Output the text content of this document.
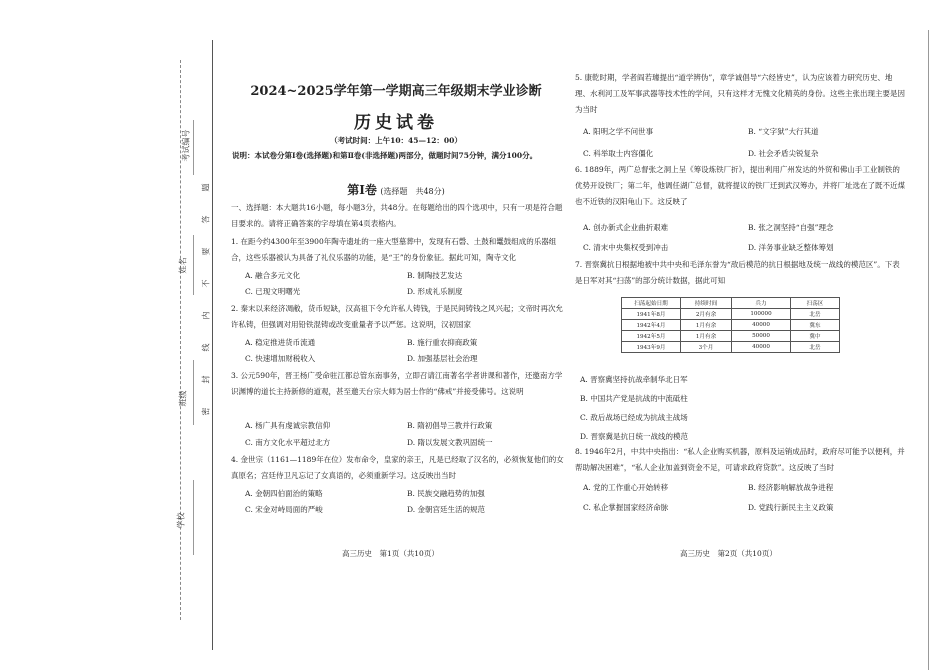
考试编号
姓名
班级
学校
题
答
要
不
内
线
封
密
2024~2025学年第一学期高三年级期末学业诊断
历史试卷
（考试时间：上午10：45—12：00）
说明：本试卷分第Ⅰ卷(选择题)和第Ⅱ卷(非选择题)两部分，做题时间75分钟，满分100分。
第Ⅰ卷 (选择题　共48分)
一、选择题：本大题共16小题，每小题3分，共48分。在每题给出的四个选项中，只有一项是符合题目要求的。请将正确答案的字母填在第4页表格内。
1. 在距今约4300年至3900年陶寺遗址的一座大型墓葬中，发现有石磬、土鼓和鼍鼓组成的乐器组合，这些乐器被认为具备了礼仪乐器的功能，是“王”的身份象征。据此可知，陶寺文化
A. 融合多元文化	B. 制陶技艺发达
C. 已现文明曙光	D. 形成礼乐制度
2. 秦末以来经济凋敝，货币短缺，汉高祖下令允许私人铸钱，于是民间铸钱之风兴起；文帝时再次允许私铸，但强调对用铅铁混铸或改变重量者予以严惩。这说明，汉初国家
A. 稳定推进货币流通	B. 施行重农抑商政策
C. 快速增加财税收入	D. 加强基层社会治理
3. 公元590年，晋王杨广受命驻江都总管东南事务，立即召请江南著名学者讲课和著作，还邀南方学识渊博的道长主持新修的道观，甚至邀天台宗大师为居士作的“佛戒”并接受佛号。这说明
A. 杨广具有虔诚宗教信仰	B. 隋初倡导三教并行政策
C. 南方文化水平超过北方	D. 隋以发展文教巩固统一
4. 金世宗（1161—1189年在位）发布命令，皇家的亲王，凡是已经取了汉名的，必须恢复他们的女真原名；宫廷侍卫凡忘记了女真语的，必须重新学习。这反映出当时
A. 金朝四伯面治的策略	B. 民族交融趋势的加强
C. 宋金对峙局面的严峻	D. 金朝宫廷生活的规范
高三历史　第1页（共10页）
5. 康乾时期，学者阎若璩提出“道学辨伪”，章学诚倡导“六经皆史”，认为应该着力研究历史、地理、水利河工及军事武器等技术性的学问，只有这样才无愧文化精英的身份。这些主张出现主要是因为当时
A. 阳明之学不问世事	B. “文字狱”大行其道
C. 科举取士内容僵化	D. 社会矛盾尖锐复杂
6. 1889年，两广总督张之洞上呈《筹设炼铁厂折》，提出利用广州发达的外贸和佛山手工业制铁的优势开设铁厂；第二年，他调任湖广总督，就将提议的铁厂迁到武汉筹办，并将厂址选在了既不近煤也不近铁的汉阳龟山下。这反映了
A. 创办新式企业曲折艰难	B. 张之洞坚持“自强”理念
C. 清末中央集权受到冲击	D. 洋务事业缺乏整体筹划
7. 晋察冀抗日根据地被中共中央和毛泽东誉为“敌后模范的抗日根据地及统一战线的模范区”。下表是日军对其“扫荡”的部分统计数据，据此可知
扫荡起始日期	持续时间	兵力	扫荡区
1941年8月	2月有余	100000	北岳
1942年4月	1月有余	40000	冀东
1942年5月	1月有余	50000	冀中
1943年9月	3个月	40000	北岳
A. 晋察冀坚持抗战牵制华北日军
B. 中国共产党是抗战的中流砥柱
C. 敌后战场已经成为抗战主战场
D. 晋察冀是抗日统一战线的模范
8. 1946年2月，中共中央指出：“私人企业购买机器，原料及运销成品时，政府尽可能予以便利，并帮助解决困难”，“私人企业加盖到资金不足，可请求政府贷款”。这反映了当时
A. 党的工作重心开始转移	B. 经济影响解放战争进程
C. 私企掌握国家经济命脉	D. 党践行新民主主义政策
高三历史　第2页（共10页）
